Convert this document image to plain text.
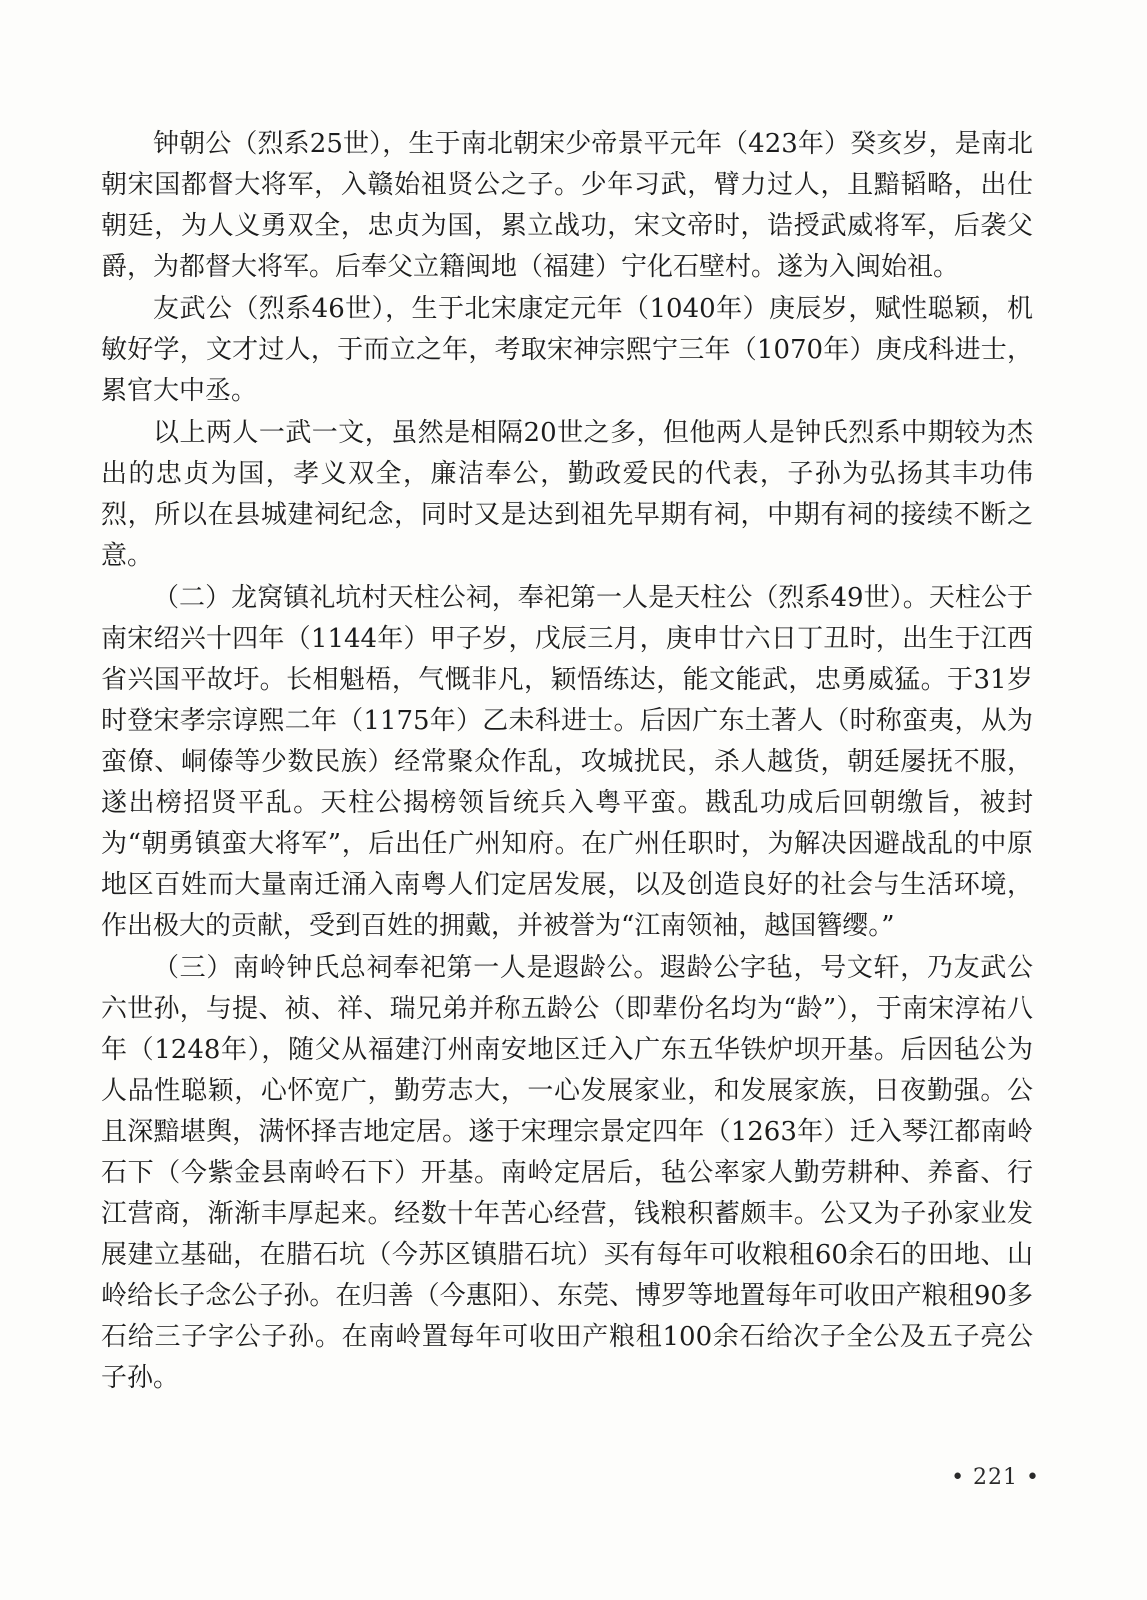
钟朝公（烈系25世），生于南北朝宋少帝景平元年（423年）癸亥岁，是南北朝宋国都督大将军，入赣始祖贤公之子。少年习武，臂力过人，且黯韬略，出仕朝廷，为人义勇双全，忠贞为国，累立战功，宋文帝时，诰授武威将军，后袭父爵，为都督大将军。后奉父立籍闽地（福建）宁化石壁村。遂为入闽始祖。

友武公（烈系46世），生于北宋康定元年（1040年）庚辰岁，赋性聪颖，机敏好学，文才过人，于而立之年，考取宋神宗熙宁三年（1070年）庚戌科进士，累官大中丞。

以上两人一武一文，虽然是相隔20世之多，但他两人是钟氏烈系中期较为杰出的忠贞为国，孝义双全，廉洁奉公，勤政爱民的代表，子孙为弘扬其丰功伟烈，所以在县城建祠纪念，同时又是达到祖先早期有祠，中期有祠的接续不断之意。

（二）龙窝镇礼坑村天柱公祠，奉祀第一人是天柱公（烈系49世）。天柱公于南宋绍兴十四年（1144年）甲子岁，戊辰三月，庚申廿六日丁丑时，出生于江西省兴国平故圩。长相魁梧，气慨非凡，颖悟练达，能文能武，忠勇威猛。于31岁时登宋孝宗谆熙二年（1175年）乙未科进士。后因广东土著人（时称蛮夷，从为蛮僚、峒傣等少数民族）经常聚众作乱，攻城扰民，杀人越货，朝廷屡抚不服，遂出榜招贤平乱。天柱公揭榜领旨统兵入粤平蛮。戡乱功成后回朝缴旨，被封为“朝勇镇蛮大将军”，后出任广州知府。在广州任职时，为解决因避战乱的中原地区百姓而大量南迁涌入南粤人们定居发展，以及创造良好的社会与生活环境，作出极大的贡献，受到百姓的拥戴，并被誉为“江南领袖，越国簪缨。”

（三）南岭钟氏总祠奉祀第一人是遐龄公。遐龄公字毡，号文轩，乃友武公六世孙，与提、祯、祥、瑞兄弟并称五龄公（即辈份名均为“龄”），于南宋淳祐八年（1248年），随父从福建汀州南安地区迁入广东五华铁炉坝开基。后因毡公为人品性聪颖，心怀宽广，勤劳志大，一心发展家业，和发展家族，日夜勤强。公且深黯堪舆，满怀择吉地定居。遂于宋理宗景定四年（1263年）迁入琴江都南岭石下（今紫金县南岭石下）开基。南岭定居后，毡公率家人勤劳耕种、养畜、行江营商，渐渐丰厚起来。经数十年苦心经营，钱粮积蓄颇丰。公又为子孙家业发展建立基础，在腊石坑（今苏区镇腊石坑）买有每年可收粮租60余石的田地、山岭给长子念公子孙。在归善（今惠阳）、东莞、博罗等地置每年可收田产粮租90多石给三子字公子孙。在南岭置每年可收田产粮租100余石给次子全公及五子亮公子孙。

• 221 •
